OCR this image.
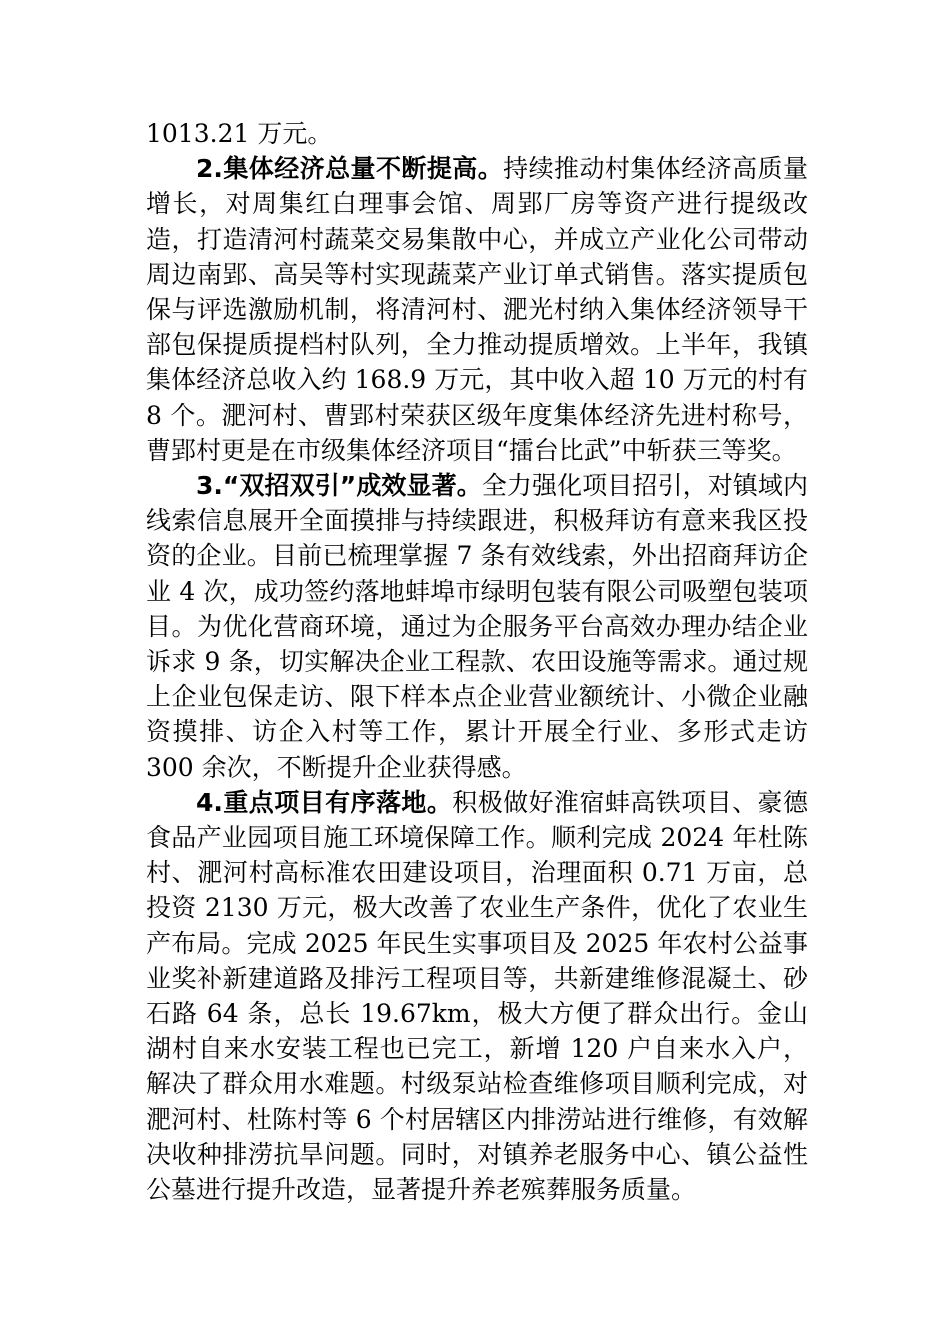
1013.21 万元。

2.集体经济总量不断提高。持续推动村集体经济高质量增长，对周集红白理事会馆、周郢厂房等资产进行提级改造，打造清河村蔬菜交易集散中心，并成立产业化公司带动周边南郢、高吴等村实现蔬菜产业订单式销售。落实提质包保与评选激励机制，将清河村、淝光村纳入集体经济领导干部包保提质提档村队列，全力推动提质增效。上半年，我镇集体经济总收入约 168.9 万元，其中收入超 10 万元的村有 8 个。淝河村、曹郢村荣获区级年度集体经济先进村称号，曹郢村更是在市级集体经济项目“擂台比武”中斩获三等奖。

3.“双招双引”成效显著。全力强化项目招引，对镇域内线索信息展开全面摸排与持续跟进，积极拜访有意来我区投资的企业。目前已梳理掌握 7 条有效线索，外出招商拜访企业 4 次，成功签约落地蚌埠市绿明包装有限公司吸塑包装项目。为优化营商环境，通过为企服务平台高效办理办结企业诉求 9 条，切实解决企业工程款、农田设施等需求。通过规上企业包保走访、限下样本点企业营业额统计、小微企业融资摸排、访企入村等工作，累计开展全行业、多形式走访 300 余次，不断提升企业获得感。

4.重点项目有序落地。积极做好淮宿蚌高铁项目、豪德食品产业园项目施工环境保障工作。顺利完成 2024 年杜陈村、淝河村高标准农田建设项目，治理面积 0.71 万亩，总投资 2130 万元，极大改善了农业生产条件，优化了农业生产布局。完成 2025 年民生实事项目及 2025 年农村公益事业奖补新建道路及排污工程项目等，共新建维修混凝土、砂石路 64 条，总长 19.67km，极大方便了群众出行。金山湖村自来水安装工程也已完工，新增 120 户自来水入户，解决了群众用水难题。村级泵站检查维修项目顺利完成，对淝河村、杜陈村等 6 个村居辖区内排涝站进行维修，有效解决收种排涝抗旱问题。同时，对镇养老服务中心、镇公益性公墓进行提升改造，显著提升养老殡葬服务质量。
